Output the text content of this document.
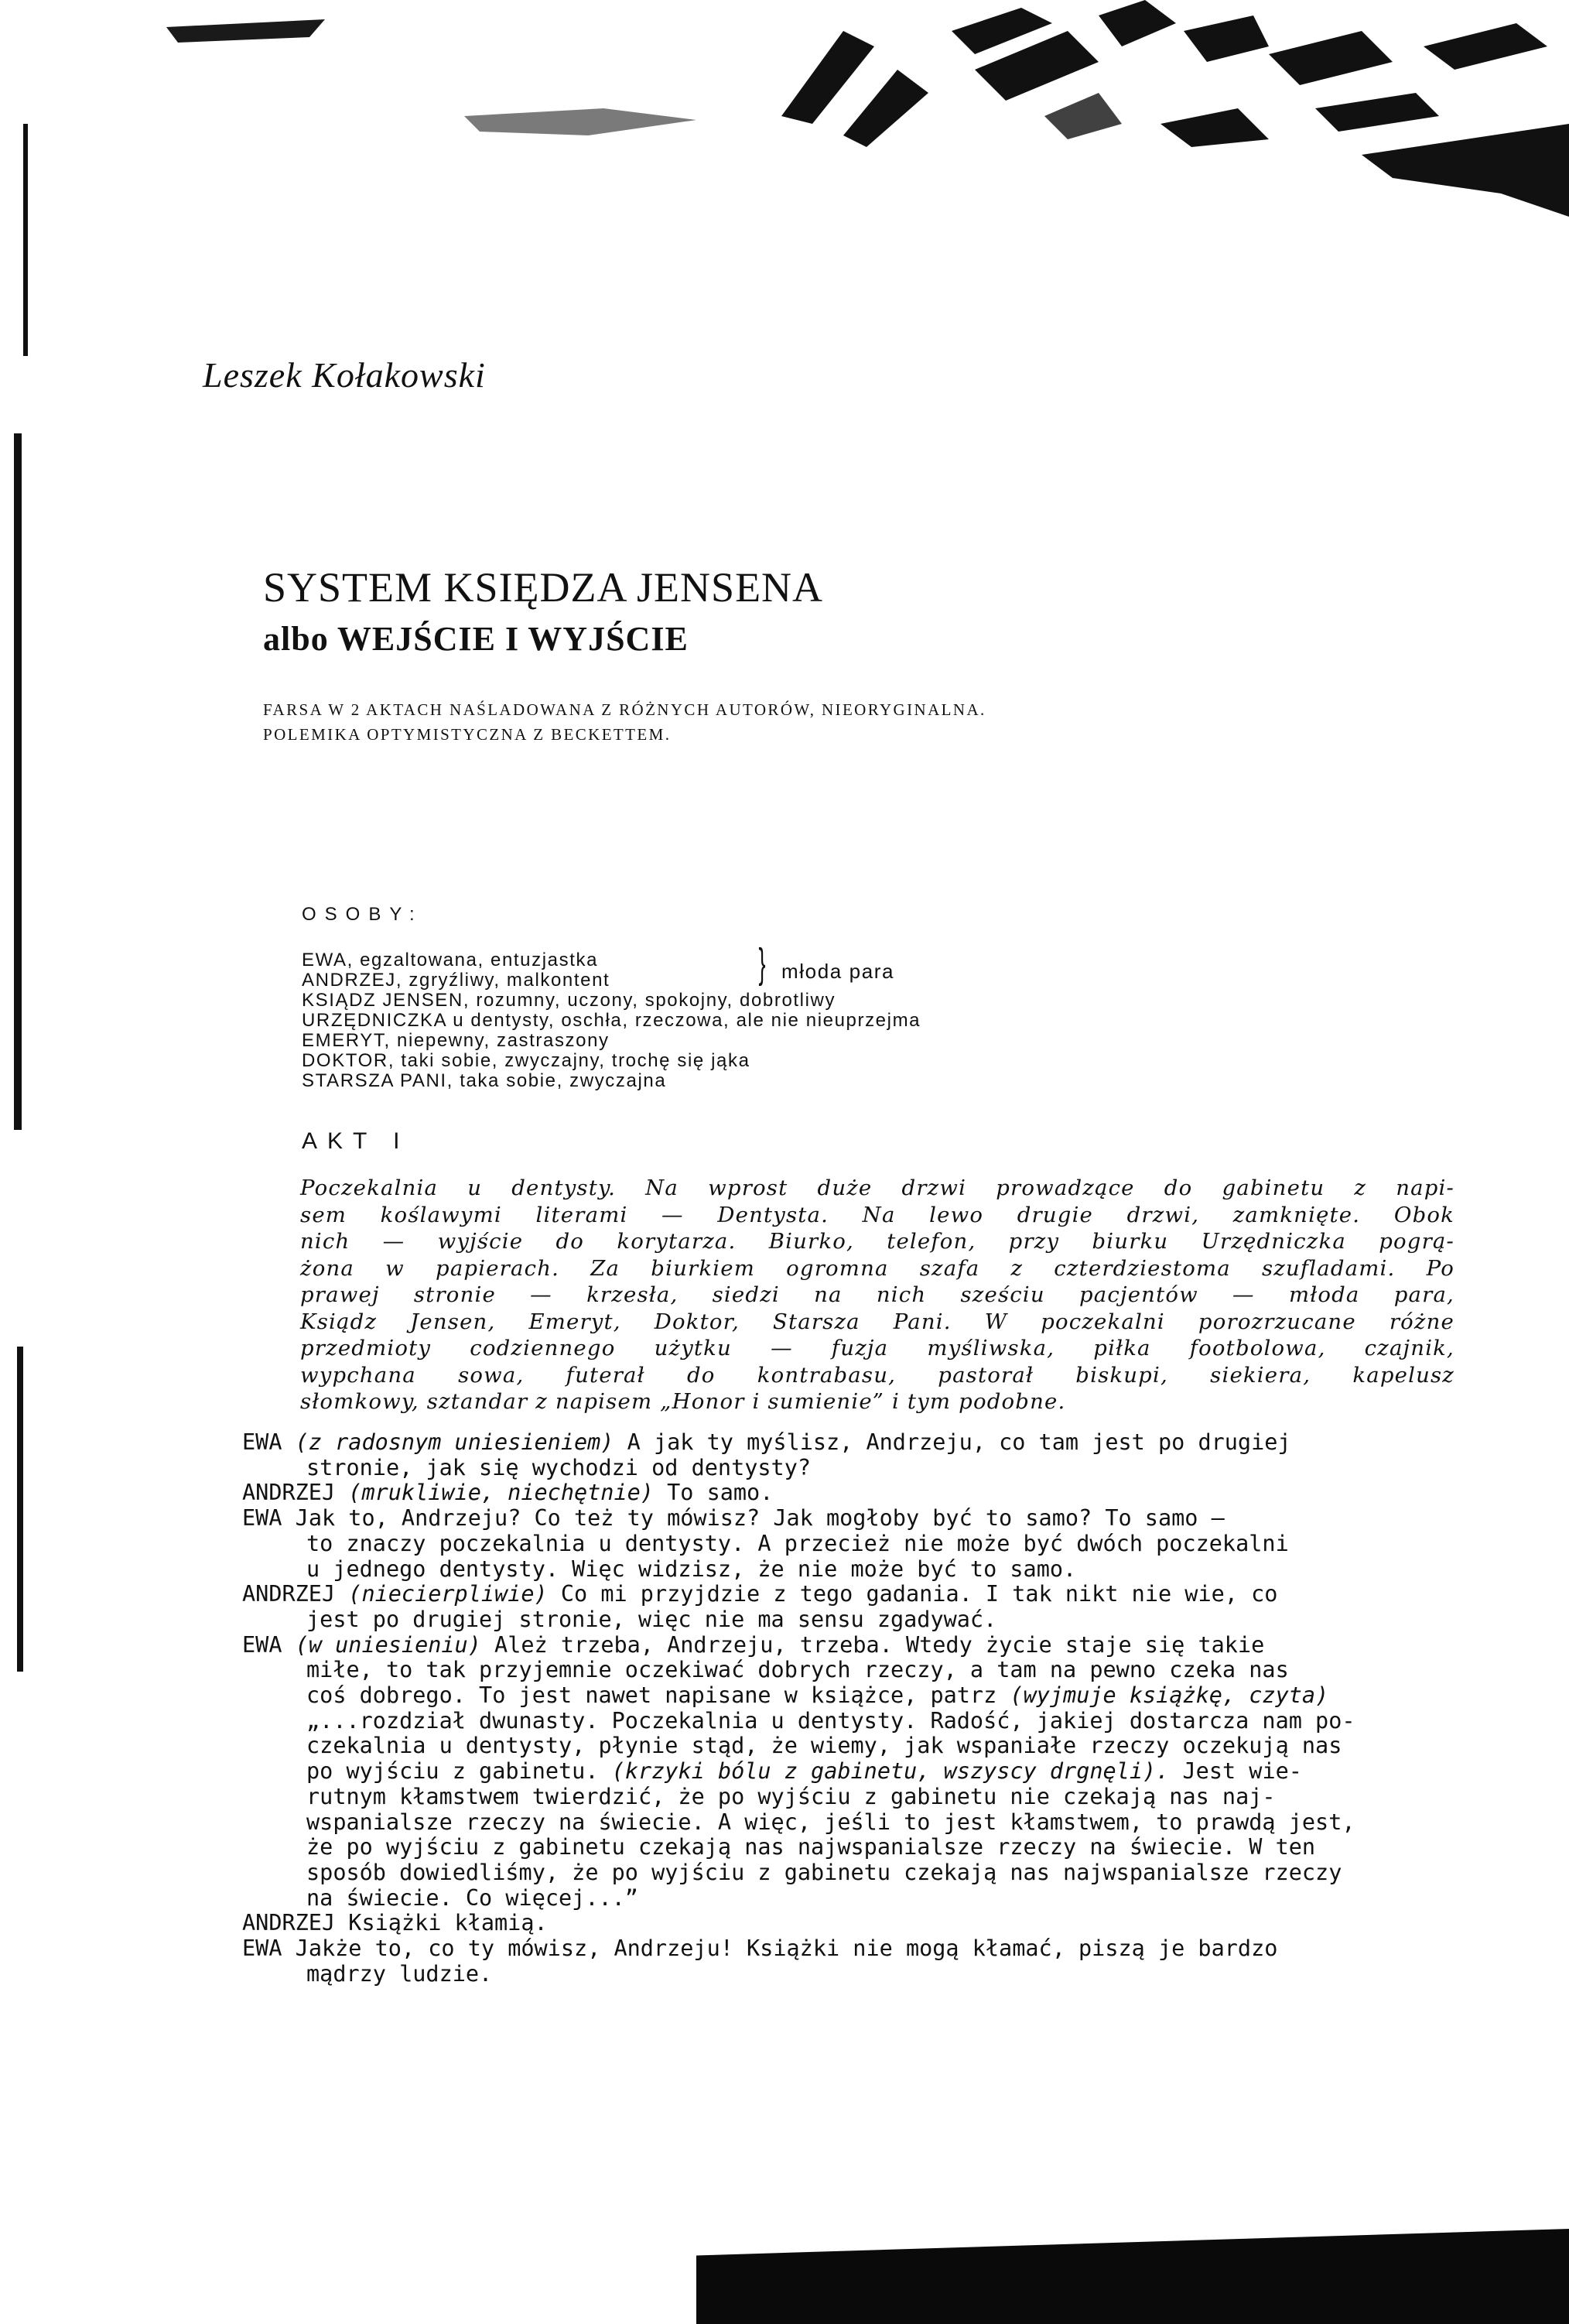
Leszek Kołakowski

SYSTEM KSIĘDZA JENSENA
albo WEJŚCIE I WYJŚCIE

FARSA W 2 AKTACH NAŚLADOWANA Z RÓŻNYCH AUTORÓW, NIEORYGINALNA.

POLEMIKA OPTYMISTYCZNA Z BECKETTEM.

OSOBY:

EWA, egzaltowana, entuzjastka

ANDRZEJ, zgryźliwy, malkontent

KSIĄDZ JENSEN, rozumny, uczony, spokojny, dobrotliwy

URZĘDNICZKA u dentysty, oschła, rzeczowa, ale nie nieuprzejma

EMERYT, niepewny, zastraszony

DOKTOR, taki sobie, zwyczajny, trochę się jąka

STARSZA PANI, taka sobie, zwyczajna

} młoda para

AKT I

Poczekalnia u dentysty. Na wprost duże drzwi prowadzące do gabinetu z napi-
sem koślawymi literami — Dentysta. Na lewo drugie drzwi, zamknięte. Obok
nich — wyjście do korytarza. Biurko, telefon, przy biurku Urzędniczka pogrą-
żona w papierach. Za biurkiem ogromna szafa z czterdziestoma szufladami. Po
prawej stronie — krzesła, siedzi na nich sześciu pacjentów — młoda para,
Ksiądz Jensen, Emeryt, Doktor, Starsza Pani. W poczekalni porozrzucane różne
przedmioty codziennego użytku — fuzja myśliwska, piłka footbolowa, czajnik,
wypchana sowa, futerał do kontrabasu, pastorał biskupi, siekiera, kapelusz
słomkowy, sztandar z napisem „Honor i sumienie” i tym podobne.
EWA (z radosnym uniesieniem) A jak ty myślisz, Andrzeju, co tam jest po drugiej
stronie, jak się wychodzi od dentysty?
ANDRZEJ (mrukliwie, niechętnie) To samo.
EWA Jak to, Andrzeju? Co też ty mówisz? Jak mogłoby być to samo? To samo —
to znaczy poczekalnia u dentysty. A przecież nie może być dwóch poczekalni
u jednego dentysty. Więc widzisz, że nie może być to samo.
ANDRZEJ (niecierpliwie) Co mi przyjdzie z tego gadania. I tak nikt nie wie, co
jest po drugiej stronie, więc nie ma sensu zgadywać.
EWA (w uniesieniu) Ależ trzeba, Andrzeju, trzeba. Wtedy życie staje się takie
miłe, to tak przyjemnie oczekiwać dobrych rzeczy, a tam na pewno czeka nas
coś dobrego. To jest nawet napisane w książce, patrz (wyjmuje książkę, czyta)
„...rozdział dwunasty. Poczekalnia u dentysty. Radość, jakiej dostarcza nam po-
czekalnia u dentysty, płynie stąd, że wiemy, jak wspaniałe rzeczy oczekują nas
po wyjściu z gabinetu. (krzyki bólu z gabinetu, wszyscy drgnęli). Jest wie-
rutnym kłamstwem twierdzić, że po wyjściu z gabinetu nie czekają nas naj-
wspanialsze rzeczy na świecie. A więc, jeśli to jest kłamstwem, to prawdą jest,
że po wyjściu z gabinetu czekają nas najwspanialsze rzeczy na świecie. W ten
sposób dowiedliśmy, że po wyjściu z gabinetu czekają nas najwspanialsze rzeczy
na świecie. Co więcej...”
ANDRZEJ Książki kłamią.
EWA Jakże to, co ty mówisz, Andrzeju! Książki nie mogą kłamać, piszą je bardzo
mądrzy ludzie.
